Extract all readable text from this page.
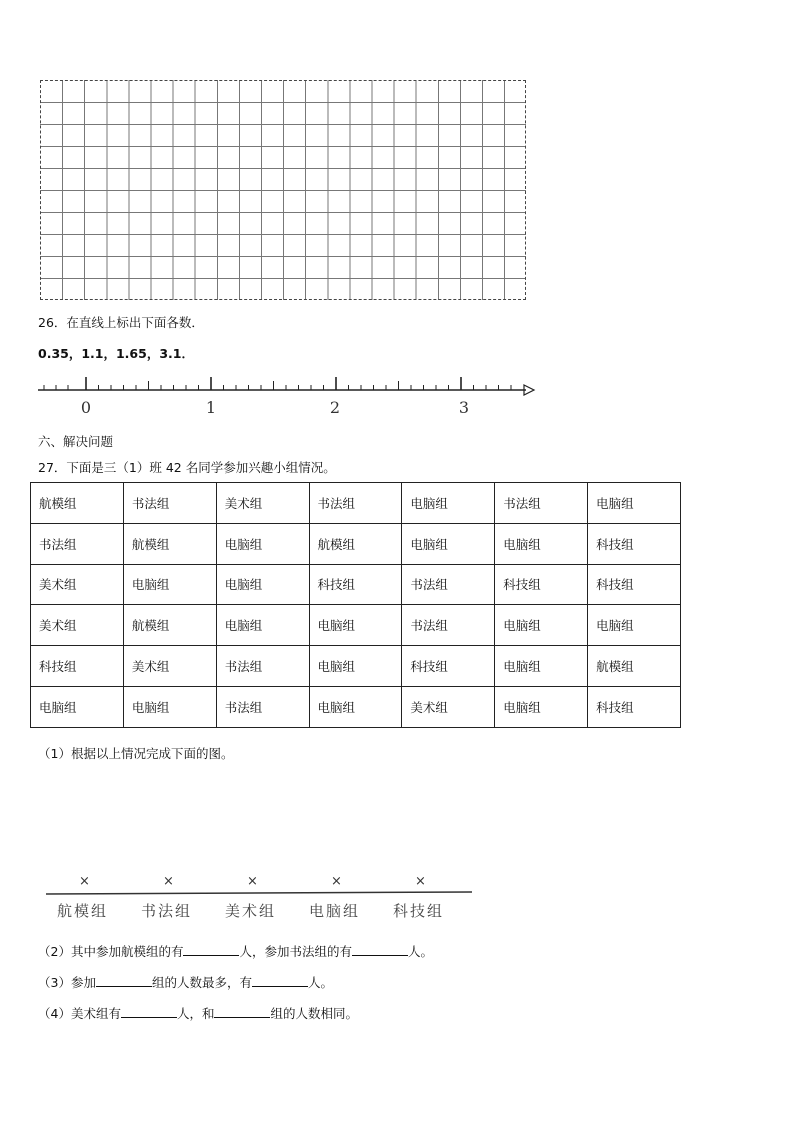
26．在直线上标出下面各数．
0.35，1.1，1.65，3.1．
0	1	2	3
六、解决问题
27．下面是三（1）班 42 名同学参加兴趣小组情况。
航模组	书法组	美术组	书法组	电脑组	书法组	电脑组
书法组	航模组	电脑组	航模组	电脑组	电脑组	科技组
美术组	电脑组	电脑组	科技组	书法组	科技组	科技组
美术组	航模组	电脑组	电脑组	书法组	电脑组	电脑组
科技组	美术组	书法组	电脑组	科技组	电脑组	航模组
电脑组	电脑组	书法组	电脑组	美术组	电脑组	科技组
（1）根据以上情况完成下面的图。
航模组
×
书法组
×
美术组
×
电脑组
×
科技组
×
（2）其中参加航模组的有	人，参加书法组的有	人。
（3）参加	组的人数最多，有	人。
（4）美术组有	人，和	组的人数相同。
